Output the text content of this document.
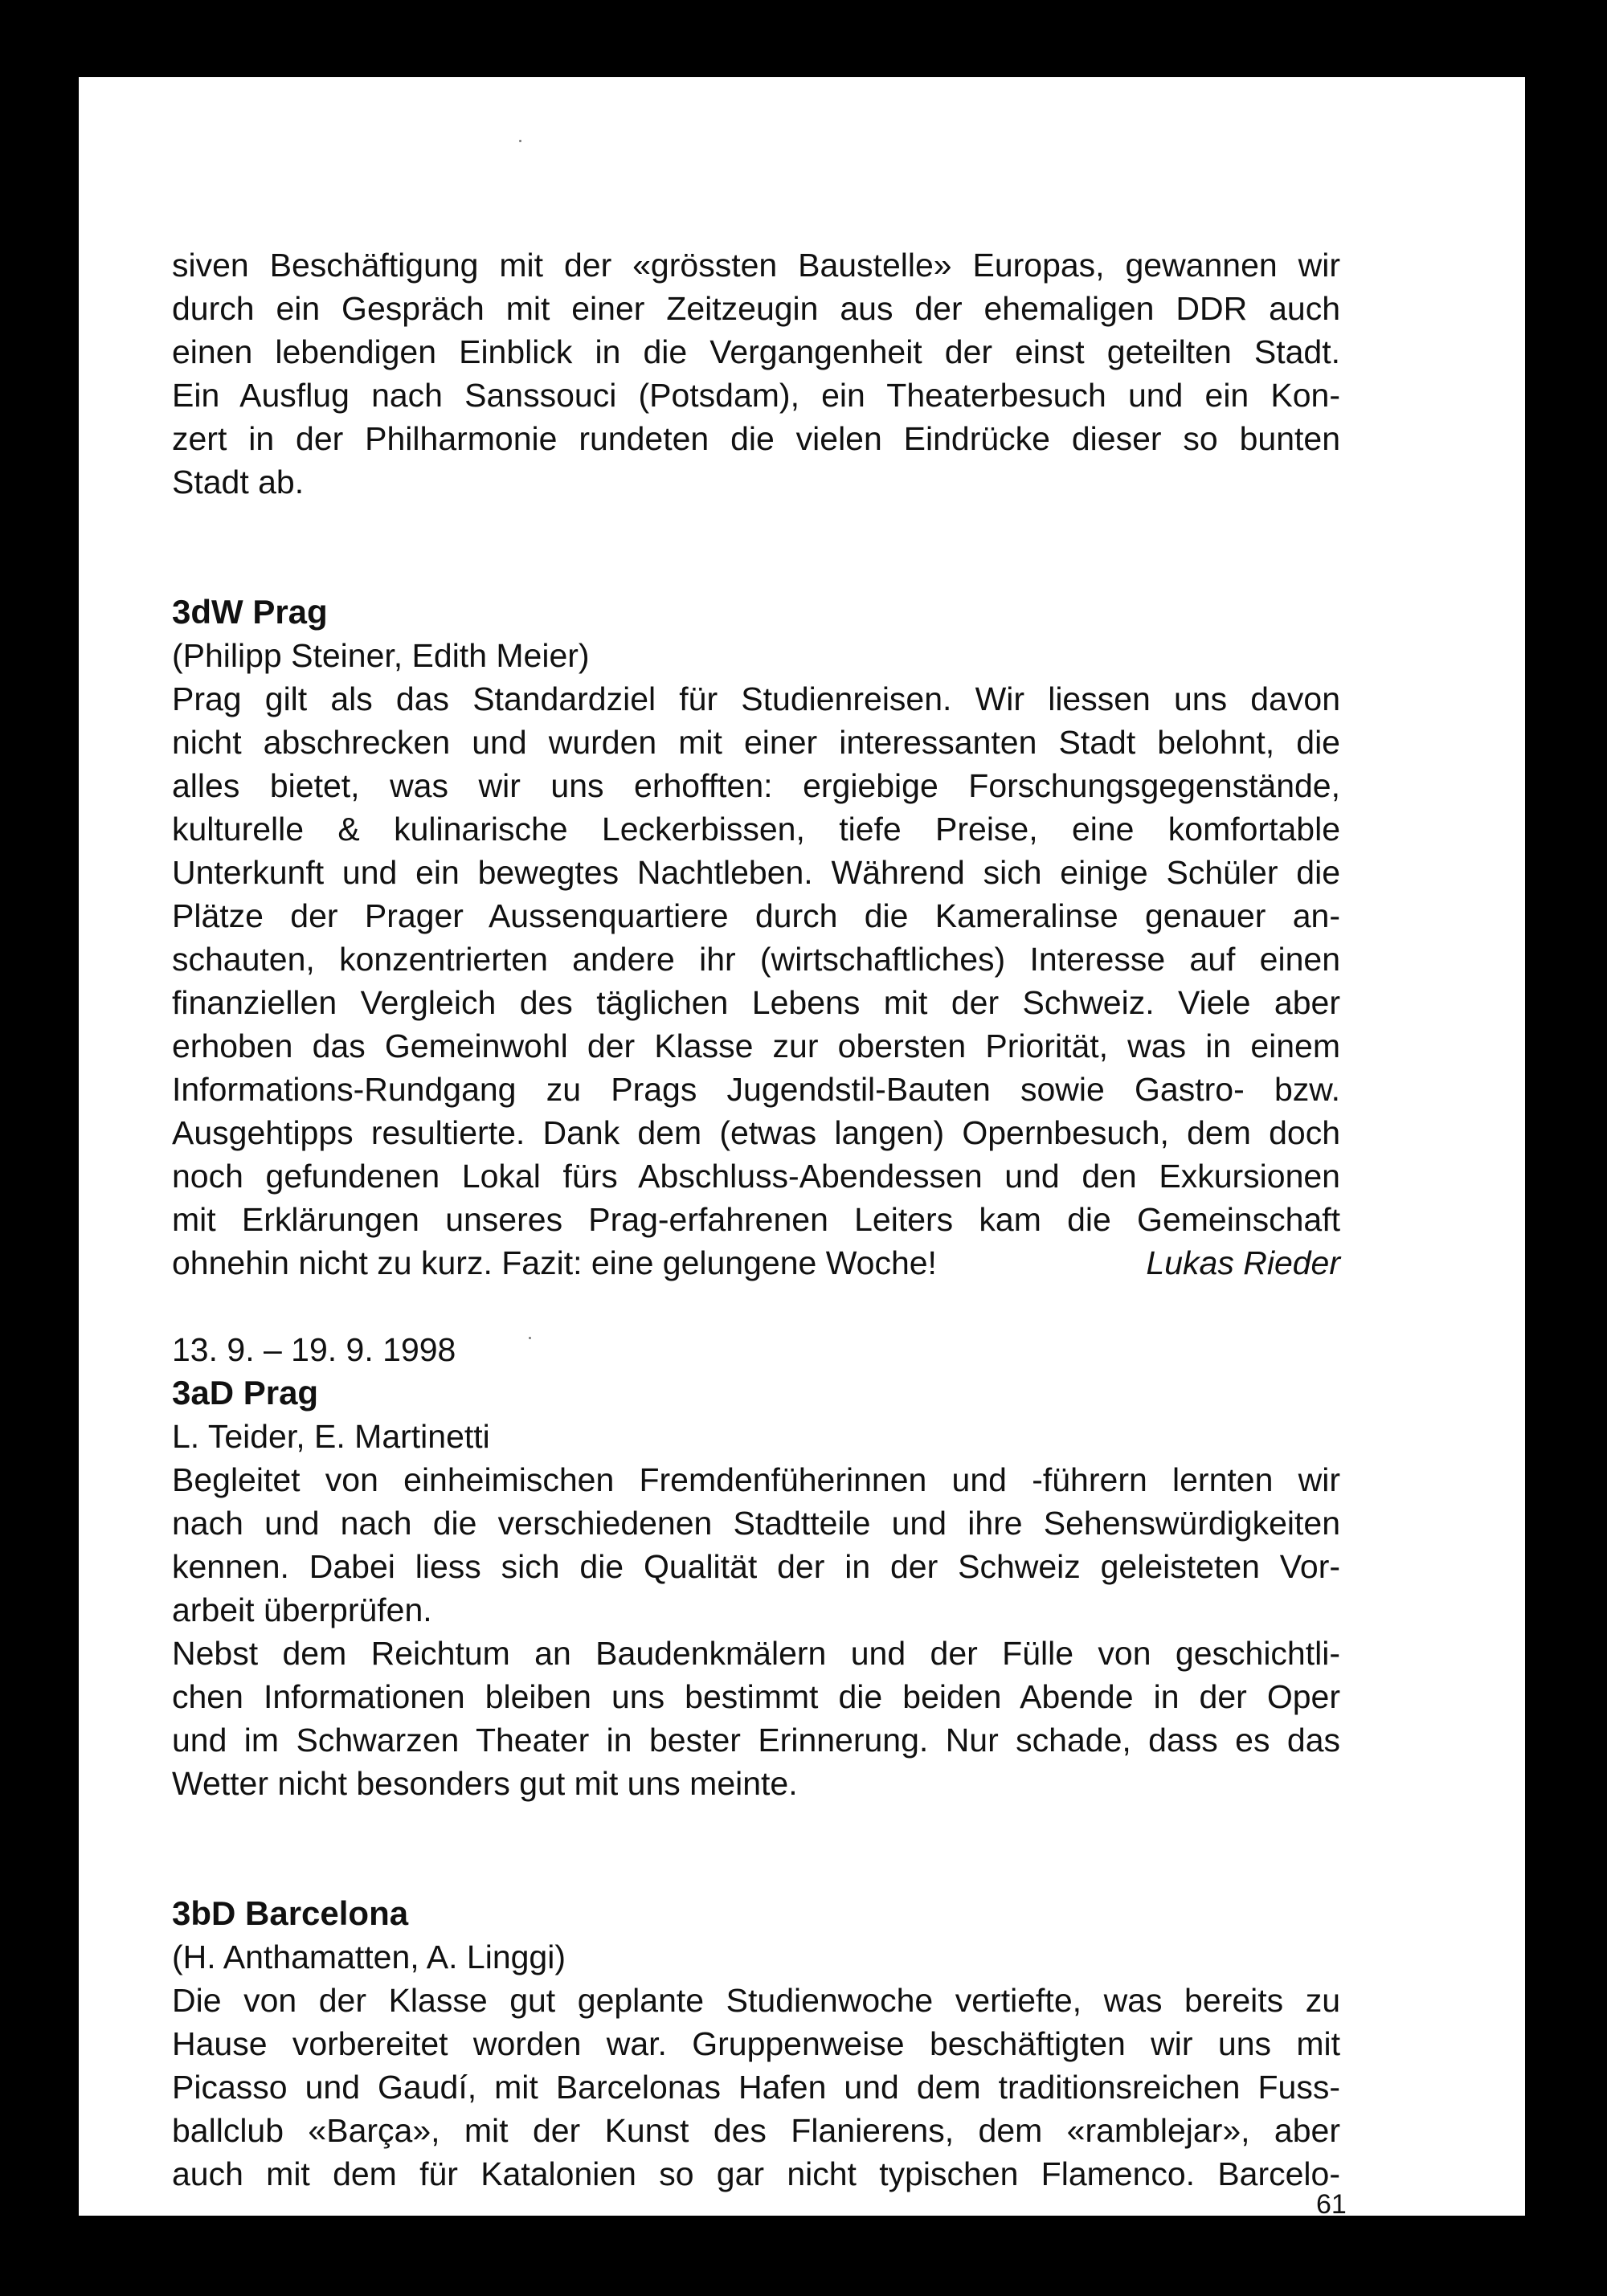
siven Beschäftigung mit der «grössten Baustelle» Europas, gewannen wir
durch ein Gespräch mit einer Zeitzeugin aus der ehemaligen DDR auch
einen lebendigen Einblick in die Vergangenheit der einst geteilten Stadt.
Ein Ausflug nach Sanssouci (Potsdam), ein Theaterbesuch und ein Kon-
zert in der Philharmonie rundeten die vielen Eindrücke dieser so bunten
Stadt ab.
3dW Prag
(Philipp Steiner, Edith Meier)
Prag gilt als das Standardziel für Studienreisen. Wir liessen uns davon
nicht abschrecken und wurden mit einer interessanten Stadt belohnt, die
alles bietet, was wir uns erhofften: ergiebige Forschungsgegenstände,
kulturelle & kulinarische Leckerbissen, tiefe Preise, eine komfortable
Unterkunft und ein bewegtes Nachtleben. Während sich einige Schüler die
Plätze der Prager Aussenquartiere durch die Kameralinse genauer an-
schauten, konzentrierten andere ihr (wirtschaftliches) Interesse auf einen
finanziellen Vergleich des täglichen Lebens mit der Schweiz. Viele aber
erhoben das Gemeinwohl der Klasse zur obersten Priorität, was in einem
Informations-Rundgang zu Prags Jugendstil-Bauten sowie Gastro- bzw.
Ausgehtipps resultierte. Dank dem (etwas langen) Opernbesuch, dem doch
noch gefundenen Lokal fürs Abschluss-Abendessen und den Exkursionen
mit Erklärungen unseres Prag-erfahrenen Leiters kam die Gemeinschaft
ohnehin nicht zu kurz. Fazit: eine gelungene Woche!	Lukas Rieder
13. 9. – 19. 9. 1998
3aD Prag
L. Teider, E. Martinetti
Begleitet von einheimischen Fremdenfüherinnen und -führern lernten wir
nach und nach die verschiedenen Stadtteile und ihre Sehenswürdigkeiten
kennen. Dabei liess sich die Qualität der in der Schweiz geleisteten Vor-
arbeit überprüfen.
Nebst dem Reichtum an Baudenkmälern und der Fülle von geschichtli-
chen Informationen bleiben uns bestimmt die beiden Abende in der Oper
und im Schwarzen Theater in bester Erinnerung. Nur schade, dass es das
Wetter nicht besonders gut mit uns meinte.
3bD Barcelona
(H. Anthamatten, A. Linggi)
Die von der Klasse gut geplante Studienwoche vertiefte, was bereits zu
Hause vorbereitet worden war. Gruppenweise beschäftigten wir uns mit
Picasso und Gaudí, mit Barcelonas Hafen und dem traditionsreichen Fuss-
ballclub «Barça», mit der Kunst des Flanierens, dem «ramblejar», aber
auch mit dem für Katalonien so gar nicht typischen Flamenco. Barcelo-
61
